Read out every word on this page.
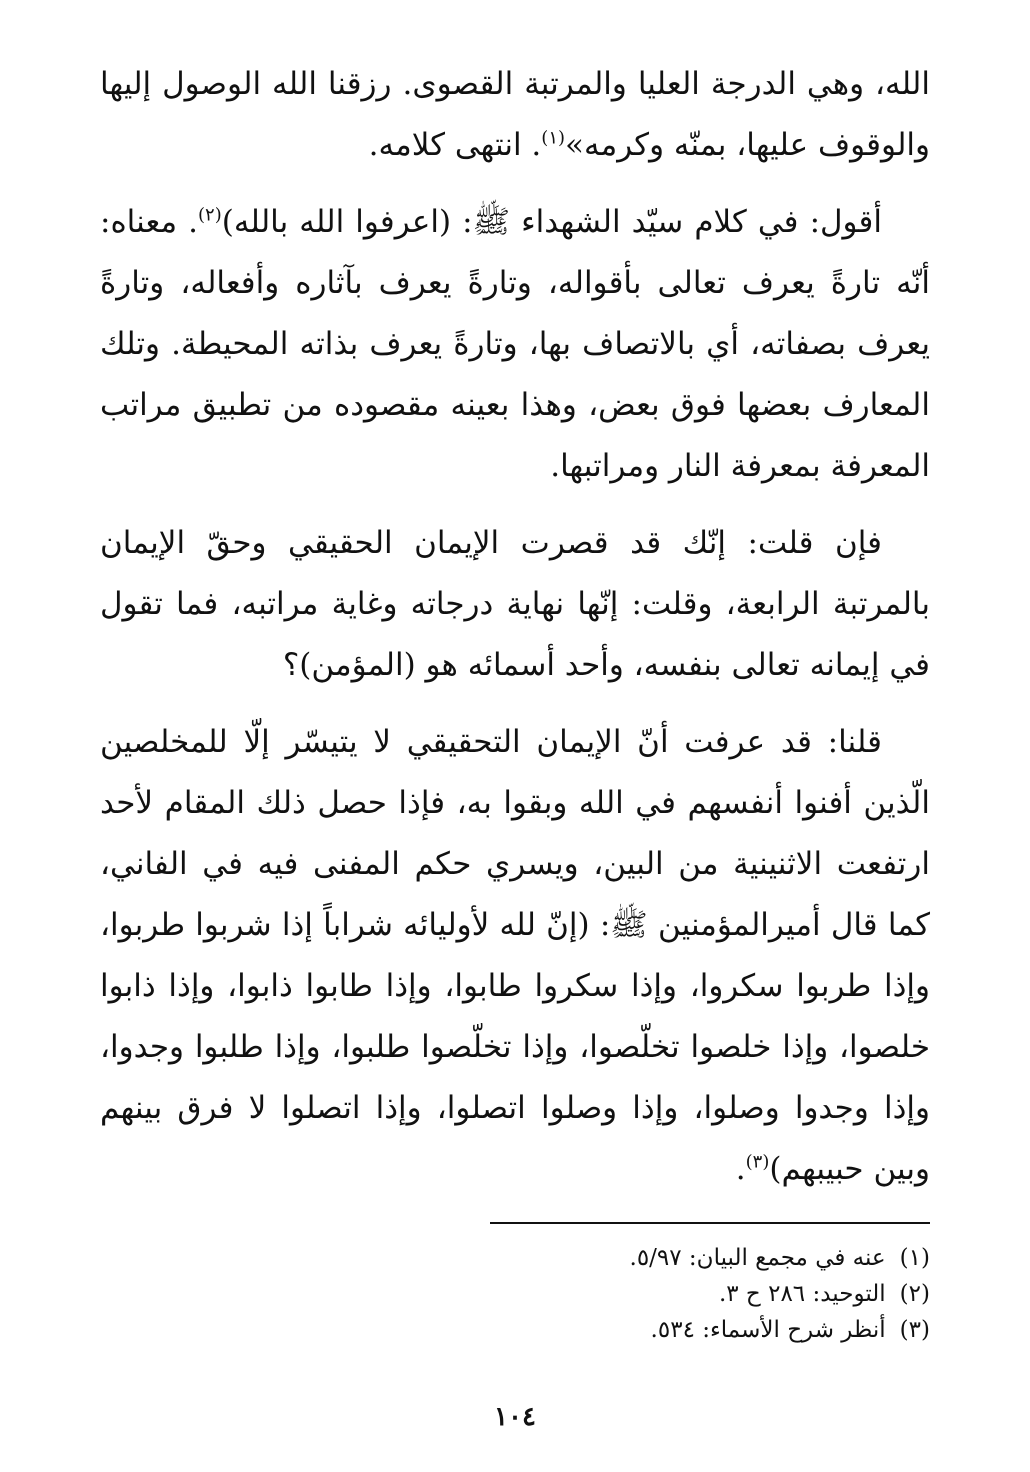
الله، وهي الدرجة العليا والمرتبة القصوى. رزقنا الله الوصول إليها والوقوف عليها، بمنّه وكرمه»$^{(١)}$. انتهى كلامه.

أقول: في كلام سيّد الشهداء ﷺ: (اعرفوا الله بالله)$^{(٢)}$. معناه: أنّه تارةً يعرف تعالى بأقواله، وتارةً يعرف بآثاره وأفعاله، وتارةً يعرف بصفاته، أي بالاتصاف بها، وتارةً يعرف بذاته المحيطة. وتلك المعارف بعضها فوق بعض، وهذا بعينه مقصوده من تطبيق مراتب المعرفة بمعرفة النار ومراتبها.

فإن قلت: إنّك قد قصرت الإيمان الحقيقي وحقّ الإيمان بالمرتبة الرابعة، وقلت: إنّها نهاية درجاته وغاية مراتبه، فما تقول في إيمانه تعالى بنفسه، وأحد أسمائه هو (المؤمن)؟

قلنا: قد عرفت أنّ الإيمان التحقيقي لا يتيسّر إلّا للمخلصين الّذين أفنوا أنفسهم في الله وبقوا به، فإذا حصل ذلك المقام لأحد ارتفعت الاثنينية من البين، ويسري حكم المفنى فيه في الفاني، كما قال أميرالمؤمنين ﷺ: (إنّ لله لأوليائه شراباً إذا شربوا طربوا، وإذا طربوا سكروا، وإذا سكروا طابوا، وإذا طابوا ذابوا، وإذا ذابوا خلصوا، وإذا خلصوا تخلّصوا، وإذا تخلّصوا طلبوا، وإذا طلبوا وجدوا، وإذا وجدوا وصلوا، وإذا وصلوا اتصلوا، وإذا اتصلوا لا فرق بينهم وبين حبيبهم)$^{(٣)}$.

(١)عنه في مجمع البيان: ٥/٩٧.
(٢)التوحيد: ٢٨٦ ح ٣.
(٣)أنظر شرح الأسماء: ٥٣٤.
١٠٤
